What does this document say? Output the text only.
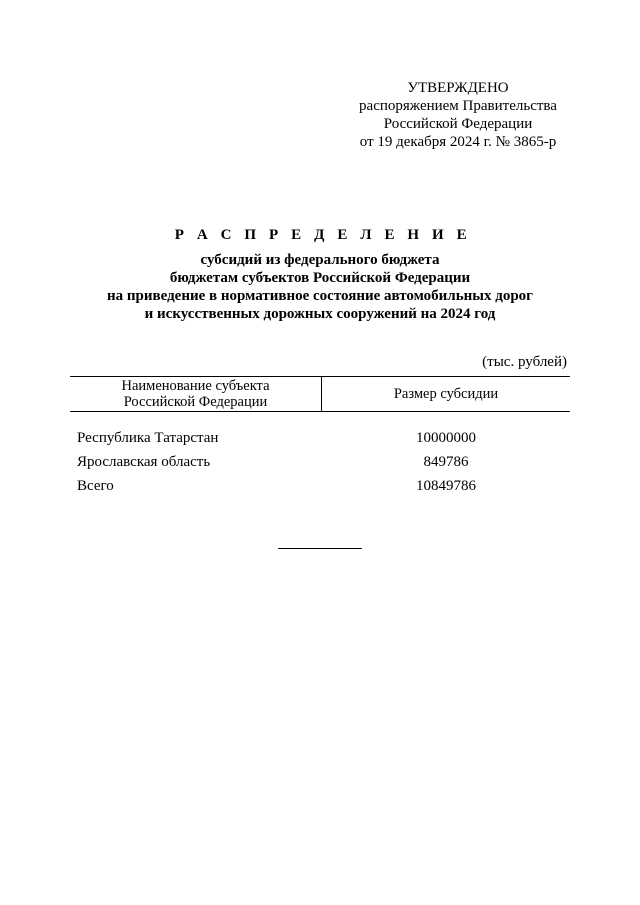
УТВЕРЖДЕНО
распоряжением Правительства
Российской Федерации
от 19 декабря 2024 г. № 3865-р
Р А С П Р Е Д Е Л Е Н И Е
субсидий из федерального бюджета
бюджетам субъектов Российской Федерации
на приведение в нормативное состояние автомобильных дорог
и искусственных дорожных сооружений на 2024 год
(тыс. рублей)
Наименование субъекта
Российской Федерации	Размер субсидии
Республика Татарстан	10000000
Ярославская область	849786
Всего	10849786
